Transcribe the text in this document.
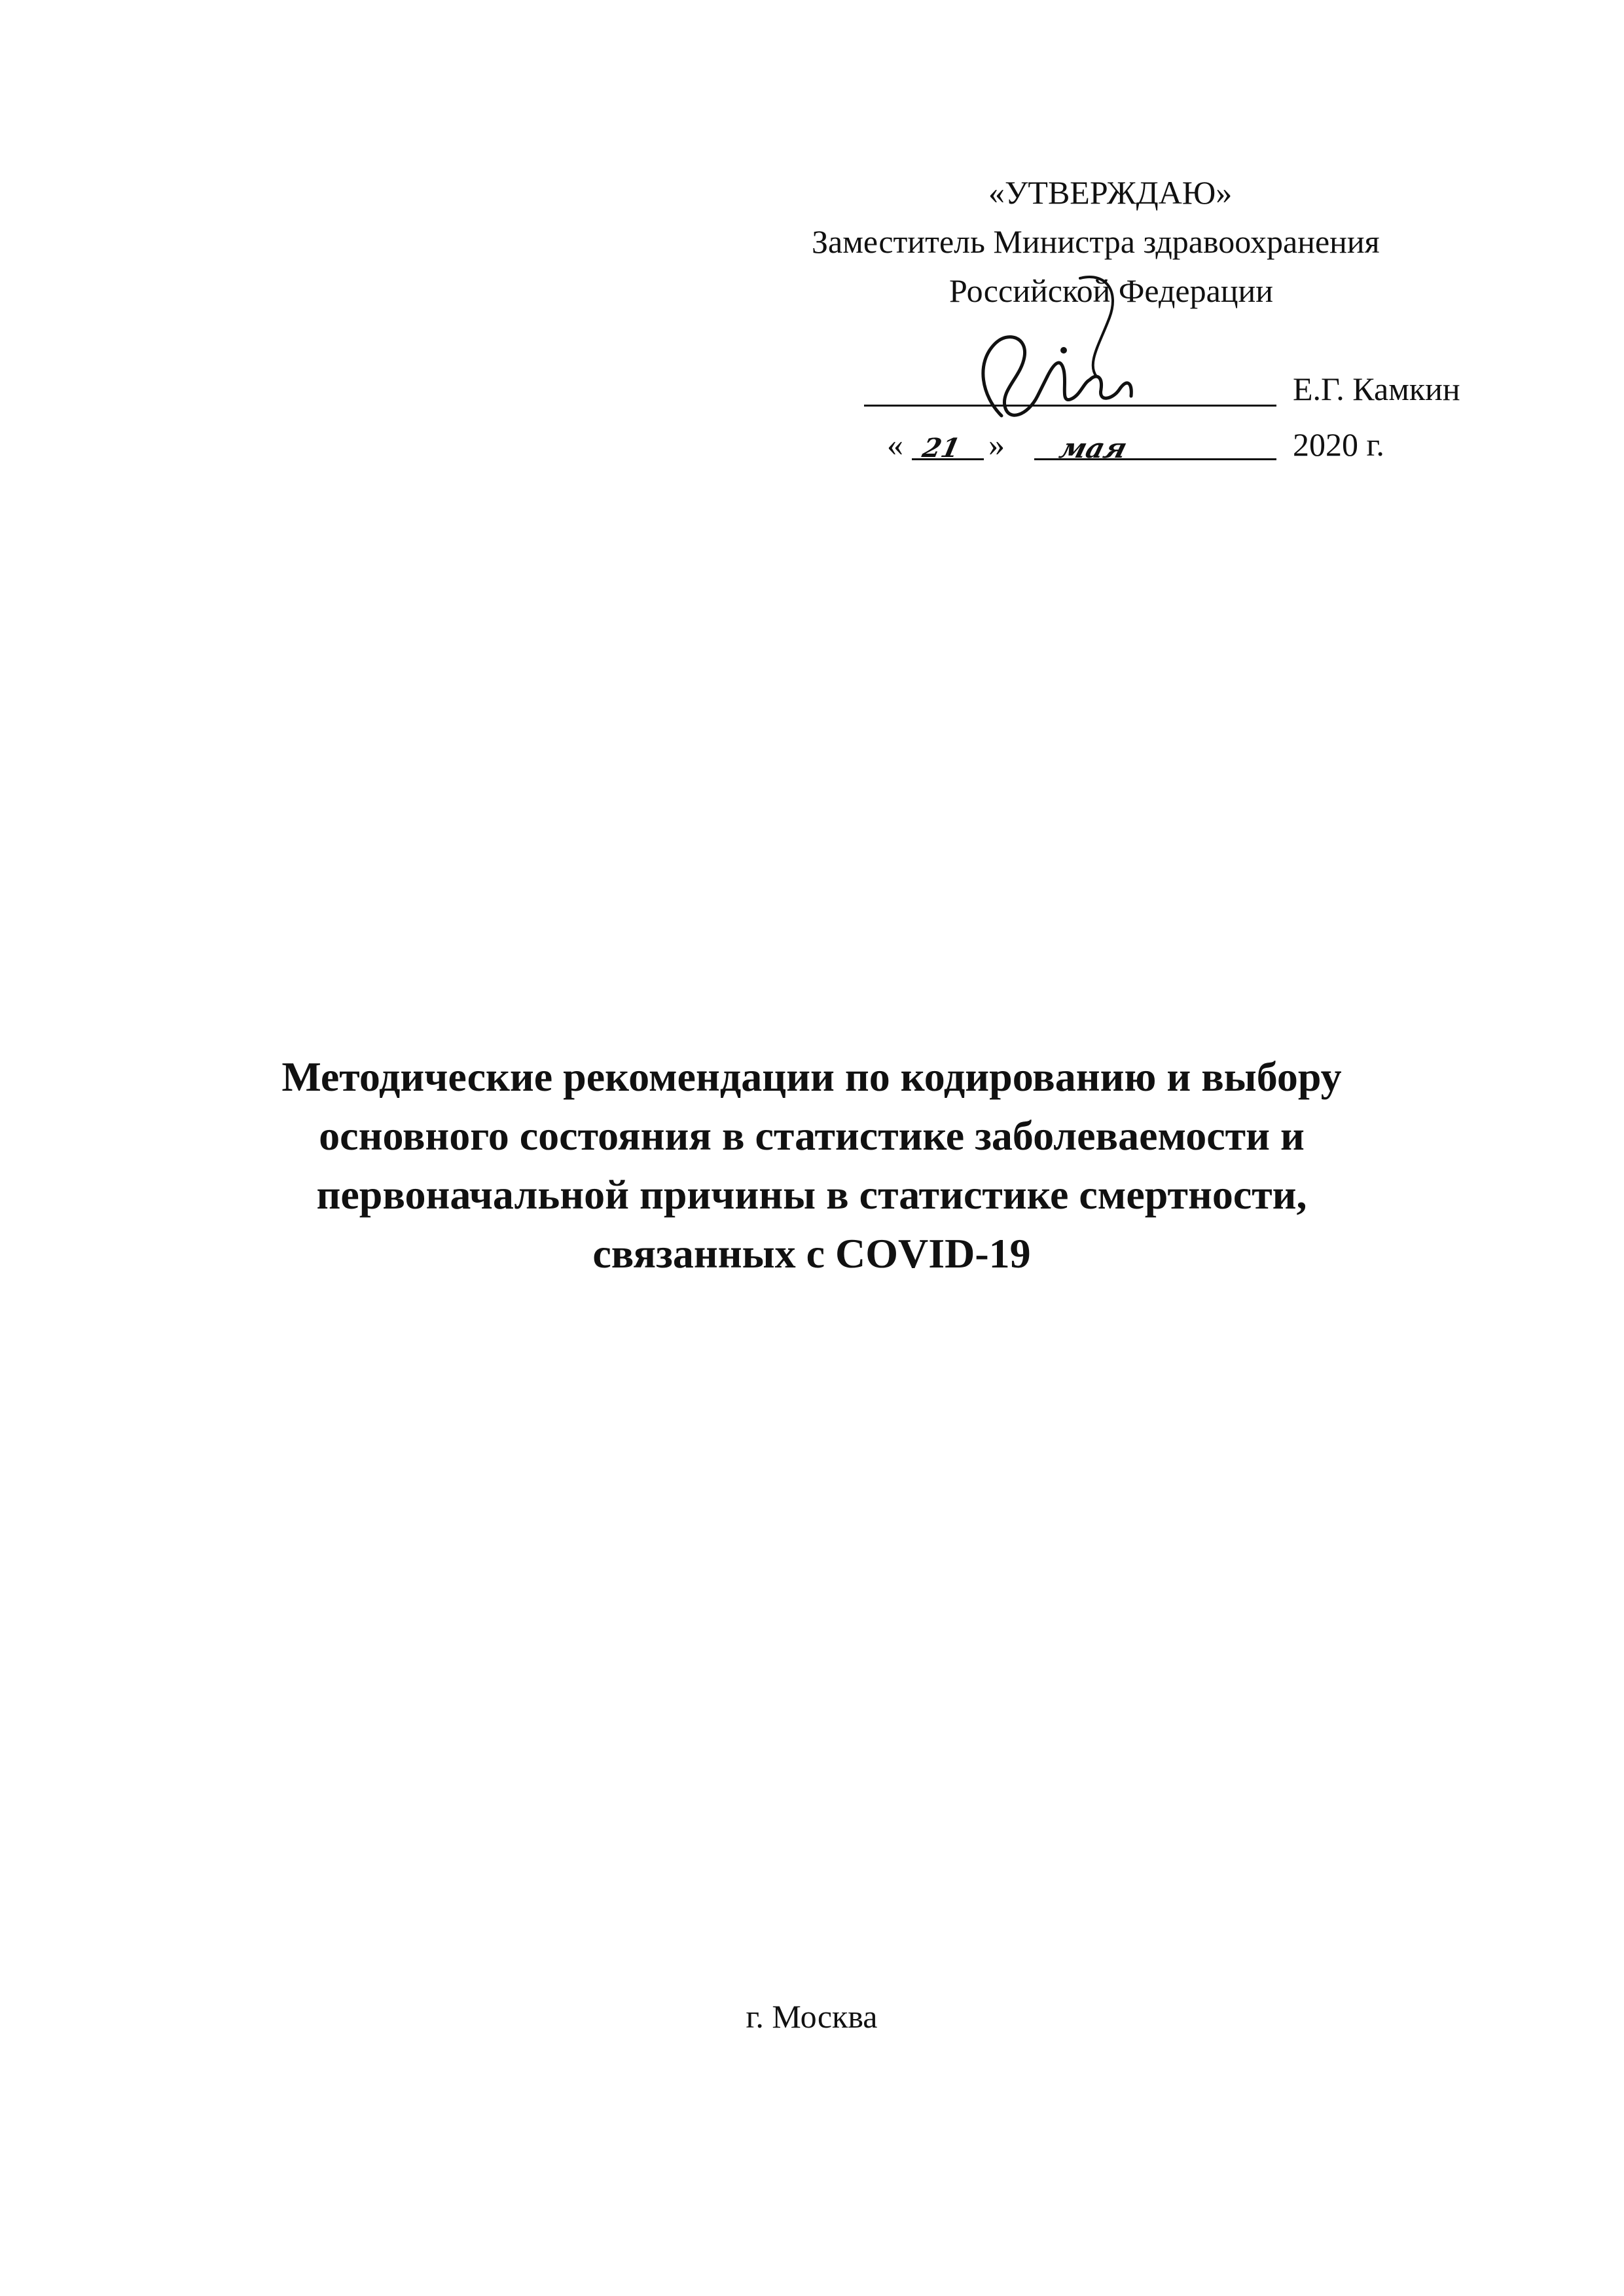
«УТВЕРЖДАЮ»
Заместитель Министра здравоохранения
Российской Федерации
Е.Г. Камкин
« 21 » мая	2020 г.
Методические рекомендации по кодированию и выбору
основного состояния в статистике заболеваемости и
первоначальной причины в статистике смертности,
связанных с COVID-19
г. Москва
